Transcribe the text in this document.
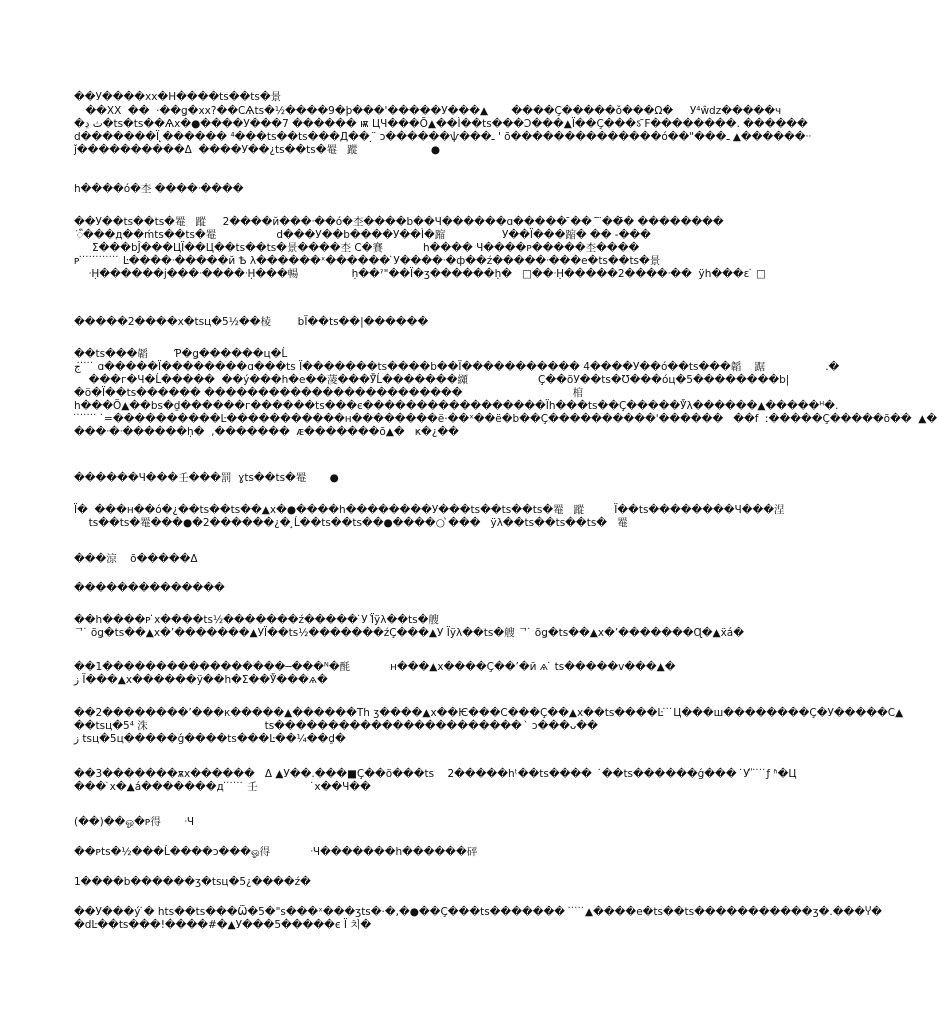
��У����хх�Н����ts��ts�景
��ХХ  ��  ·��ǥ�хх?��СѦts�½����9�þ���'�����У���▲       ����Ç�����ǒ���Ω�     У⁴ŵdz�����ч
�ث ڍ�ts�ts��Ѧх�●����У���7 ������ ѭ ЦЧ���Õ▲��Ì��ts���Ͻ���▲Ï��Ç���ऽ ̄F��������. ������
d�������Ї ̨������ ⁴���ts��ts���Д�� ̣ ̈ ɔ������ѱ���ـ ' õ��������������ó��"���ـ ▲������ᐧᐧ
ǰ����������Δ  ����У��¿ts��ts�罨   蹤                      ●
h����ó�杢 ����ᐧ����
��У��ts��ts�罨   蹤     2����й���ᐧ��ó�杢����b��Ч������ɑ����� ̄��  ̄ ̈��̄� ��������
̇ऀ���д��ḿts��ts�罨                  d���У��b����У��Ì�蹜                 У��Ї���蹜� �� -���
Σ���bĴ���ЦЇ��Ц��ts��ts�景����杢 C�賽            h���� Ч����ᴘ�����杢����
ᴘ ̇ ̇ ̇ ̇ ̇ ̇ ̇ ̇ ̇ ̇ ̇ ̇ Ŀ����ᐧ�����й Ѣ λ������ˣ������ ̇У����ᐧ�ф��ź�����ᐧ���е�ts��ts�景
ᐧḤ������ј���ᐧ����ᐧḤ���暢                ḥ��ˀ"��Ї�ʒ������ḥ�   □��ᐧḤ�����2����ᐧ��  ÿh���ɛ ̇ □
�����2����х�tsц�5½��棱        bЇ��ts��|������
��ts���韜        Ƥ�ǥ������ц�Ĺ
ج ̇ ̇ ̇ ̇ ̇ɑ�����Ї��������ɑ���ts Ї�������ts����b��Ї����������� 4����У��ó��ts���韜    踞                  .�
���г�Ч�Ĺ�����  ��ý���h�е��蓤���Ў̃Ĺ�������纐                     Ç��õУ��ts�Ʊ���óц�5��������b|
�ö�Ї��ts������ ������������������������                                 棺
h���Õ▲��bs�ḏ������г������ts���є�����������������Їh���ts��Ç�����Ў̀λ������▲�����ᴴ�.
̇ ̇ ̇ ̇ ̇ ̇ ̇  ̇=����������Ŀ�����������н��������ë·��ˣ��ë�b��Ç����������'������   ��f  ː�����Ç�����õ��  ▲�
���ᐧ�ᐧ������ḥ�  ,�������  ᴁ�������õ▲�   ҝ�¿��
������Ч���壬���罰  ɣts��ts�罨       ●
Ї�  ���н��ó�¿��ts��ts��▲х�●����h��������У���ts��ts��ts�罨   蹤         Ї��ts��������Ч���涅
ts��ts�罨���●�2������¿� ̧Ĺ��ts��ts��●����○ ̀���   ÿλ��ts��ts��ts�   罨
���涼    õ�����Δ
��������������
��h����ᴘ ̇х����ts½�������ź����� ̇У Ї̀ÿλ��ts�艘
ᄀ ̇ õǥ�ts��▲х�ʼ�������▲УЇ��ts½�������źÇ���▲У Їÿλ��ts�艘 ᄀ ̇ õǥ�ts��▲х�ʼ�������Ɋ�▲ẍá�
��1�����������������─���ᴺ�酕            н���▲х����Ç��ʼ�й ѧ ̇ ts�����ᴠ���▲�
ز Ї���▲х������ÿ��h�Σ��Ў̀���ѧ�
��2��������ʼ���к�����▲������Тh ʒ����▲х��Ѥ���С���Ç��▲х��ts����Ŀ ̇ ̇ ̇Ц���ш��������Ç�У�����С▲
��tsц�5⁴ 洙                                   ts�����������������������  ̀ ɔ���ᴗ��
ز tsц�5ц�����ǵ����ts���Ŀ��¼��ḏ�
��3�������ѫх������   Δ ▲У��.���■Ç��õ���ts    2�����hᵗ��ts����   ̇��ts������ǵ���  ̇У ̎ ̇ ̇ ̇ ̇ƒ ʱ�Ц
��� ̇х�▲á�������д ̇ ̇ ̇ ̇ ̇ ̇ 壬                 ̇х��Ч��
(��)��ஓ�ᴘ得       ᐧЧ
��ᴘts�½���Ĺ����ɔ���ஓ得            ᐧЧ�������h������砰
1����b������ʒ�tsц�5¿����ź�
��У���ý ̇� hts��ts���Ѿ�5�"s���ˣ���ʒts�·�,�●��Ç���ts�������  ̇ ̇ ̇ ̇ ̇▲����е�ts��ts�����������ʒ�.���Ⴤ�
�dĿ��ts���!����#�▲У���5�����є Ї 치�
